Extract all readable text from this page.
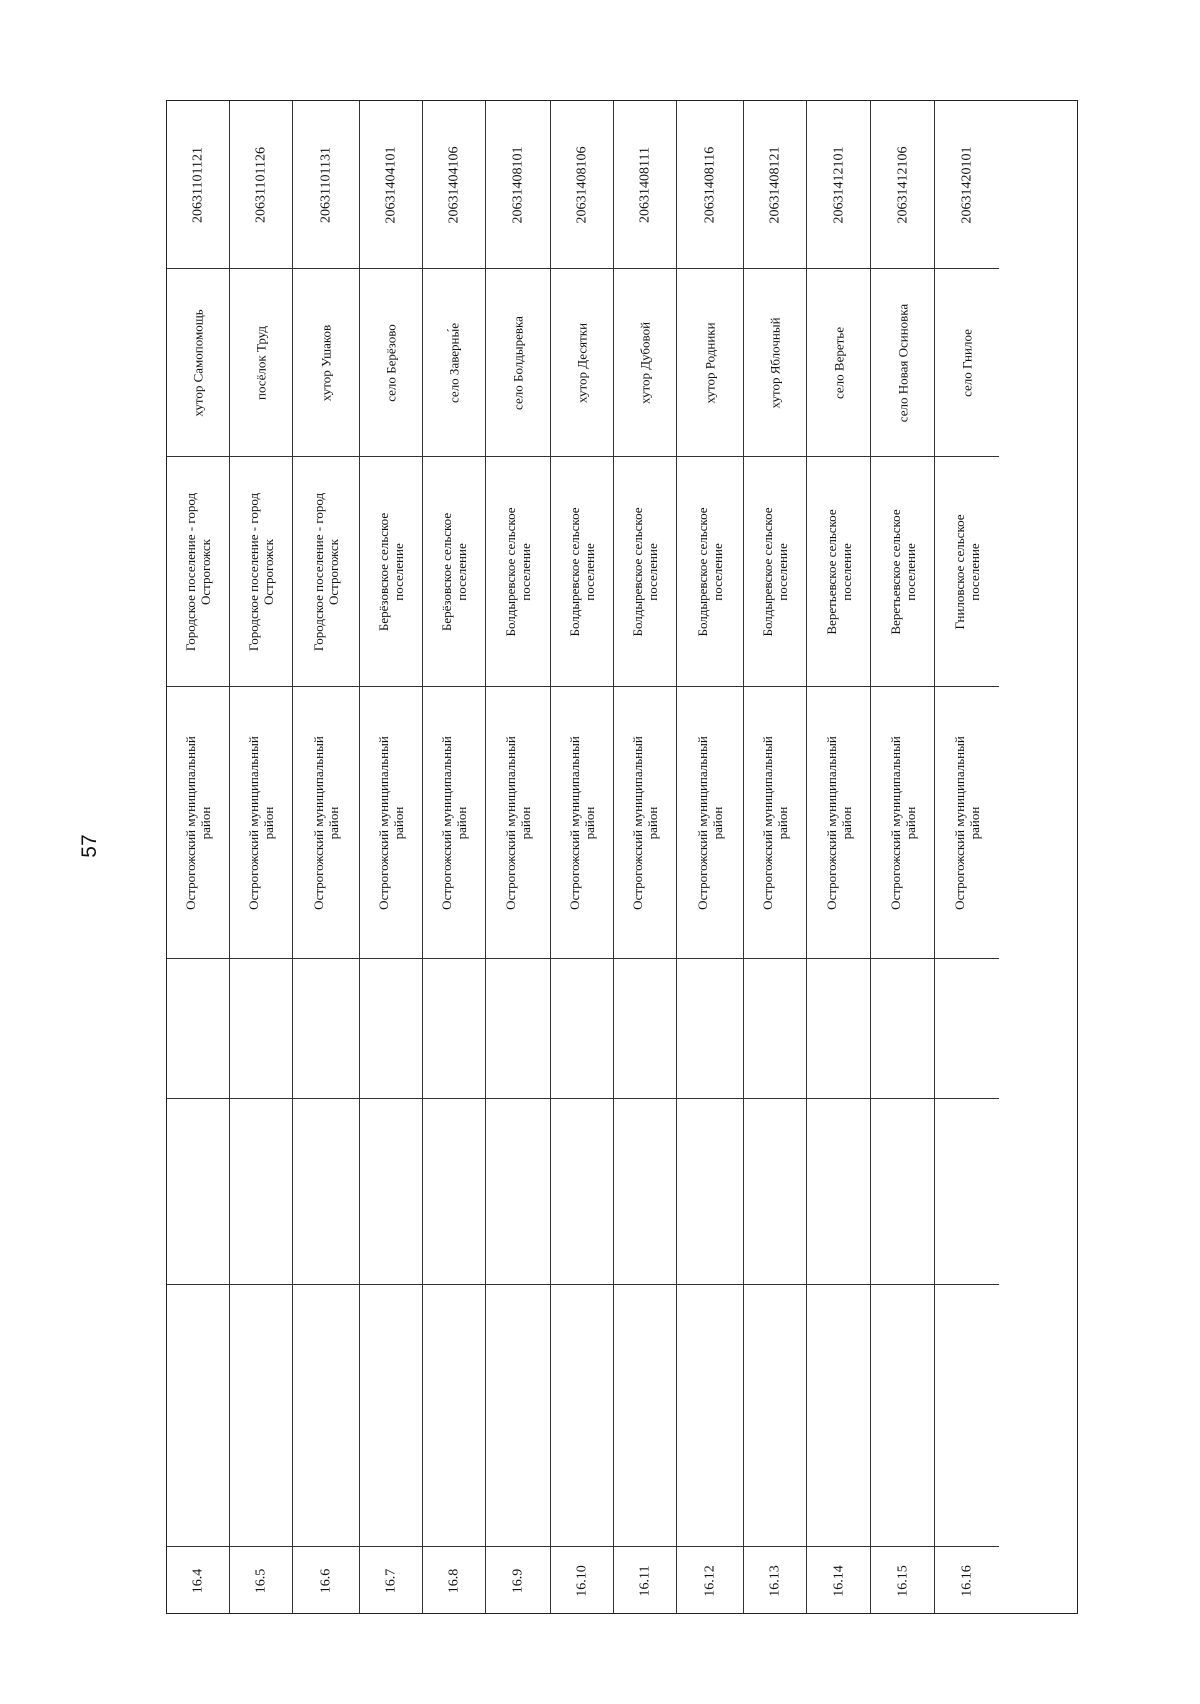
57
20631101121
хутор Самопомощь
Городское поселение - город Острогожск
Острогожский муниципальный район
16.4
20631101126
посёлок Труд
Городское поселение - город Острогожск
Острогожский муниципальный район
16.5
20631101131
хутор Ушаков
Городское поселение - город Острогожск
Острогожский муниципальный район
16.6
20631404101
село Берёзово
Берёзовское сельское поселение
Острогожский муниципальный район
16.7
20631404106
село Заверны́е
Берёзовское сельское поселение
Острогожский муниципальный район
16.8
20631408101
село Болдыревка
Болдыревское сельское поселение
Острогожский муниципальный район
16.9
20631408106
хутор Десятки
Болдыревское сельское поселение
Острогожский муниципальный район
16.10
20631408111
хутор Дубовой
Болдыревское сельское поселение
Острогожский муниципальный район
16.11
20631408116
хутор Родники
Болдыревское сельское поселение
Острогожский муниципальный район
16.12
20631408121
хутор Яблочный
Болдыревское сельское поселение
Острогожский муниципальный район
16.13
20631412101
село Веретье
Веретьевское сельское поселение
Острогожский муниципальный район
16.14
20631412106
село Новая Осиновка
Веретьевское сельское поселение
Острогожский муниципальный район
16.15
20631420101
село Гнилое
Гниловское сельское поселение
Острогожский муниципальный район
16.16
